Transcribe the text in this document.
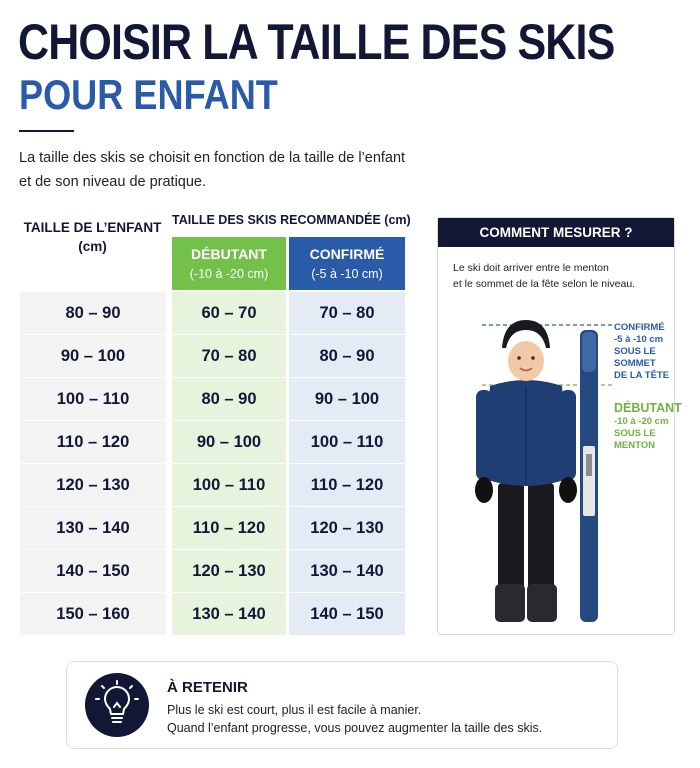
CHOISIR LA TAILLE DES SKIS
POUR ENFANT
La taille des skis se choisit en fonction de la taille de l’enfant
et de son niveau de pratique.
TAILLE DE L’ENFANT
(cm)
TAILLE DES SKIS RECOMMANDÉE (cm)
DÉBUTANT
(-10 à -20 cm)
CONFIRMÉ
(-5 à -10 cm)
80 – 90	60 – 70	70 – 80
90 – 100	70 – 80	80 – 90
100 – 110	80 – 90	90 – 100
110 – 120	90 – 100	100 – 110
120 – 130	100 – 110	110 – 120
130 – 140	110 – 120	120 – 130
140 – 150	120 – 130	130 – 140
150 – 160	130 – 140	140 – 150
COMMENT MESURER ?
Le ski doit arriver entre le menton
et le sommet de la fête selon le niveau.
CONFIRMÉ
-5 à -10 cm
SOUS LE SOMMET
DE LA TÊTE
DÉBUTANT
-10 à -20 cm
SOUS LE MENTON
À RETENIR
Plus le ski est court, plus il est facile à manier.
Quand l’enfant progresse, vous pouvez augmenter la taille des skis.
